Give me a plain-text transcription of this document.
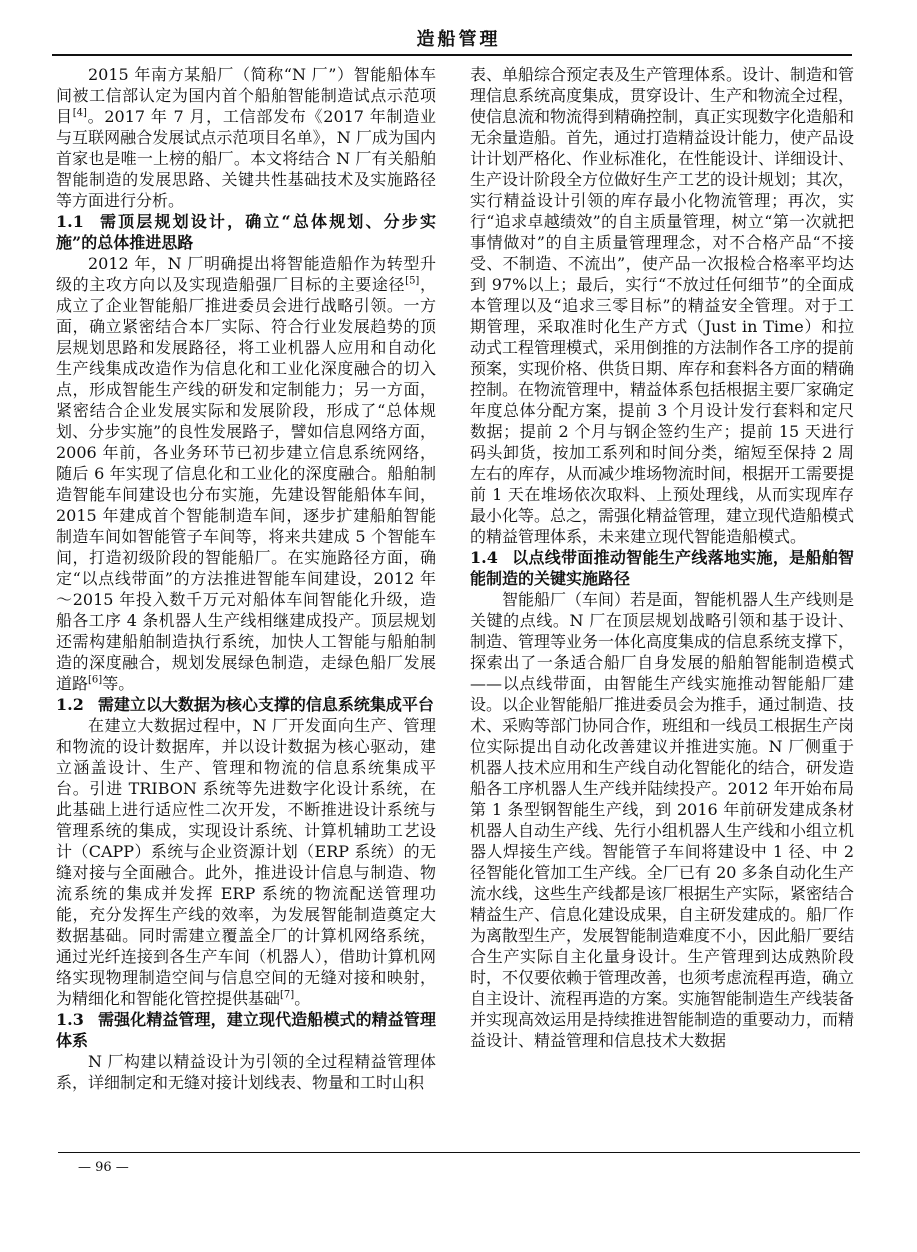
造船管理

2015 年南方某船厂（简称“N 厂”）智能船体车间被工信部认定为国内首个船舶智能制造试点示范项目[4]。2017 年 7 月，工信部发布《2017 年制造业与互联网融合发展试点示范项目名单》，N 厂成为国内首家也是唯一上榜的船厂。本文将结合 N 厂有关船舶智能制造的发展思路、关键共性基础技术及实施路径等方面进行分析。

1.1 需顶层规划设计，确立“总体规划、分步实施”的总体推进思路

2012 年，N 厂明确提出将智能造船作为转型升级的主攻方向以及实现造船强厂目标的主要途径[5]，成立了企业智能船厂推进委员会进行战略引领。一方面，确立紧密结合本厂实际、符合行业发展趋势的顶层规划思路和发展路径，将工业机器人应用和自动化生产线集成改造作为信息化和工业化深度融合的切入点，形成智能生产线的研发和定制能力；另一方面，紧密结合企业发展实际和发展阶段，形成了“总体规划、分步实施”的良性发展路子，譬如信息网络方面，2006 年前，各业务环节已初步建立信息系统网络，随后 6 年实现了信息化和工业化的深度融合。船舶制造智能车间建设也分布实施，先建设智能船体车间，2015 年建成首个智能制造车间，逐步扩建船舶智能制造车间如智能管子车间等，将来共建成 5 个智能车间，打造初级阶段的智能船厂。在实施路径方面，确定“以点线带面”的方法推进智能车间建设，2012 年～2015 年投入数千万元对船体车间智能化升级，造船各工序 4 条机器人生产线相继建成投产。顶层规划还需构建船舶制造执行系统，加快人工智能与船舶制造的深度融合，规划发展绿色制造，走绿色船厂发展道路[6]等。

1.2 需建立以大数据为核心支撑的信息系统集成平台

在建立大数据过程中，N 厂开发面向生产、管理和物流的设计数据库，并以设计数据为核心驱动，建立涵盖设计、生产、管理和物流的信息系统集成平台。引进 TRIBON 系统等先进数字化设计系统，在此基础上进行适应性二次开发，不断推进设计系统与管理系统的集成，实现设计系统、计算机辅助工艺设计（CAPP）系统与企业资源计划（ERP 系统）的无缝对接与全面融合。此外，推进设计信息与制造、物流系统的集成并发挥 ERP 系统的物流配送管理功能，充分发挥生产线的效率，为发展智能制造奠定大数据基础。同时需建立覆盖全厂的计算机网络系统，通过光纤连接到各生产车间（机器人），借助计算机网络实现物理制造空间与信息空间的无缝对接和映射，为精细化和智能化管控提供基础[7]。

1.3 需强化精益管理，建立现代造船模式的精益管理体系

N 厂构建以精益设计为引领的全过程精益管理体系，详细制定和无缝对接计划线表、物量和工时山积

表、单船综合预定表及生产管理体系。设计、制造和管理信息系统高度集成，贯穿设计、生产和物流全过程，使信息流和物流得到精确控制，真正实现数字化造船和无余量造船。首先，通过打造精益设计能力，使产品设计计划严格化、作业标准化，在性能设计、详细设计、生产设计阶段全方位做好生产工艺的设计规划；其次，实行精益设计引领的库存最小化物流管理；再次，实行“追求卓越绩效”的自主质量管理，树立“第一次就把事情做对”的自主质量管理理念，对不合格产品“不接受、不制造、不流出”，使产品一次报检合格率平均达到 97%以上；最后，实行“不放过任何细节”的全面成本管理以及“追求三零目标”的精益安全管理。对于工期管理，采取准时化生产方式（Just in Time）和拉动式工程管理模式，采用倒推的方法制作各工序的提前预案，实现价格、供货日期、库存和套料各方面的精确控制。在物流管理中，精益体系包括根据主要厂家确定年度总体分配方案，提前 3 个月设计发行套料和定尺数据；提前 2 个月与钢企签约生产；提前 15 天进行码头卸货，按加工系列和时间分类，缩短至保持 2 周左右的库存，从而减少堆场物流时间，根据开工需要提前 1 天在堆场依次取料、上预处理线，从而实现库存最小化等。总之，需强化精益管理，建立现代造船模式的精益管理体系，未来建立现代智能造船模式。

1.4 以点线带面推动智能生产线落地实施，是船舶智能制造的关键实施路径

智能船厂（车间）若是面，智能机器人生产线则是关键的点线。N 厂在顶层规划战略引领和基于设计、制造、管理等业务一体化高度集成的信息系统支撑下，探索出了一条适合船厂自身发展的船舶智能制造模式——以点线带面，由智能生产线实施推动智能船厂建设。以企业智能船厂推进委员会为推手，通过制造、技术、采购等部门协同合作，班组和一线员工根据生产岗位实际提出自动化改善建议并推进实施。N 厂侧重于机器人技术应用和生产线自动化智能化的结合，研发造船各工序机器人生产线并陆续投产。2012 年开始布局第 1 条型钢智能生产线，到 2016 年前研发建成条材机器人自动生产线、先行小组机器人生产线和小组立机器人焊接生产线。智能管子车间将建设中 1 径、中 2 径智能化管加工生产线。全厂已有 20 多条自动化生产流水线，这些生产线都是该厂根据生产实际，紧密结合精益生产、信息化建设成果，自主研发建成的。船厂作为离散型生产，发展智能制造难度不小，因此船厂要结合生产实际自主化量身设计。生产管理到达成熟阶段时，不仅要依赖于管理改善，也须考虑流程再造，确立自主设计、流程再造的方案。实施智能制造生产线装备并实现高效运用是持续推进智能制造的重要动力，而精益设计、精益管理和信息技术大数据

— 96 —
